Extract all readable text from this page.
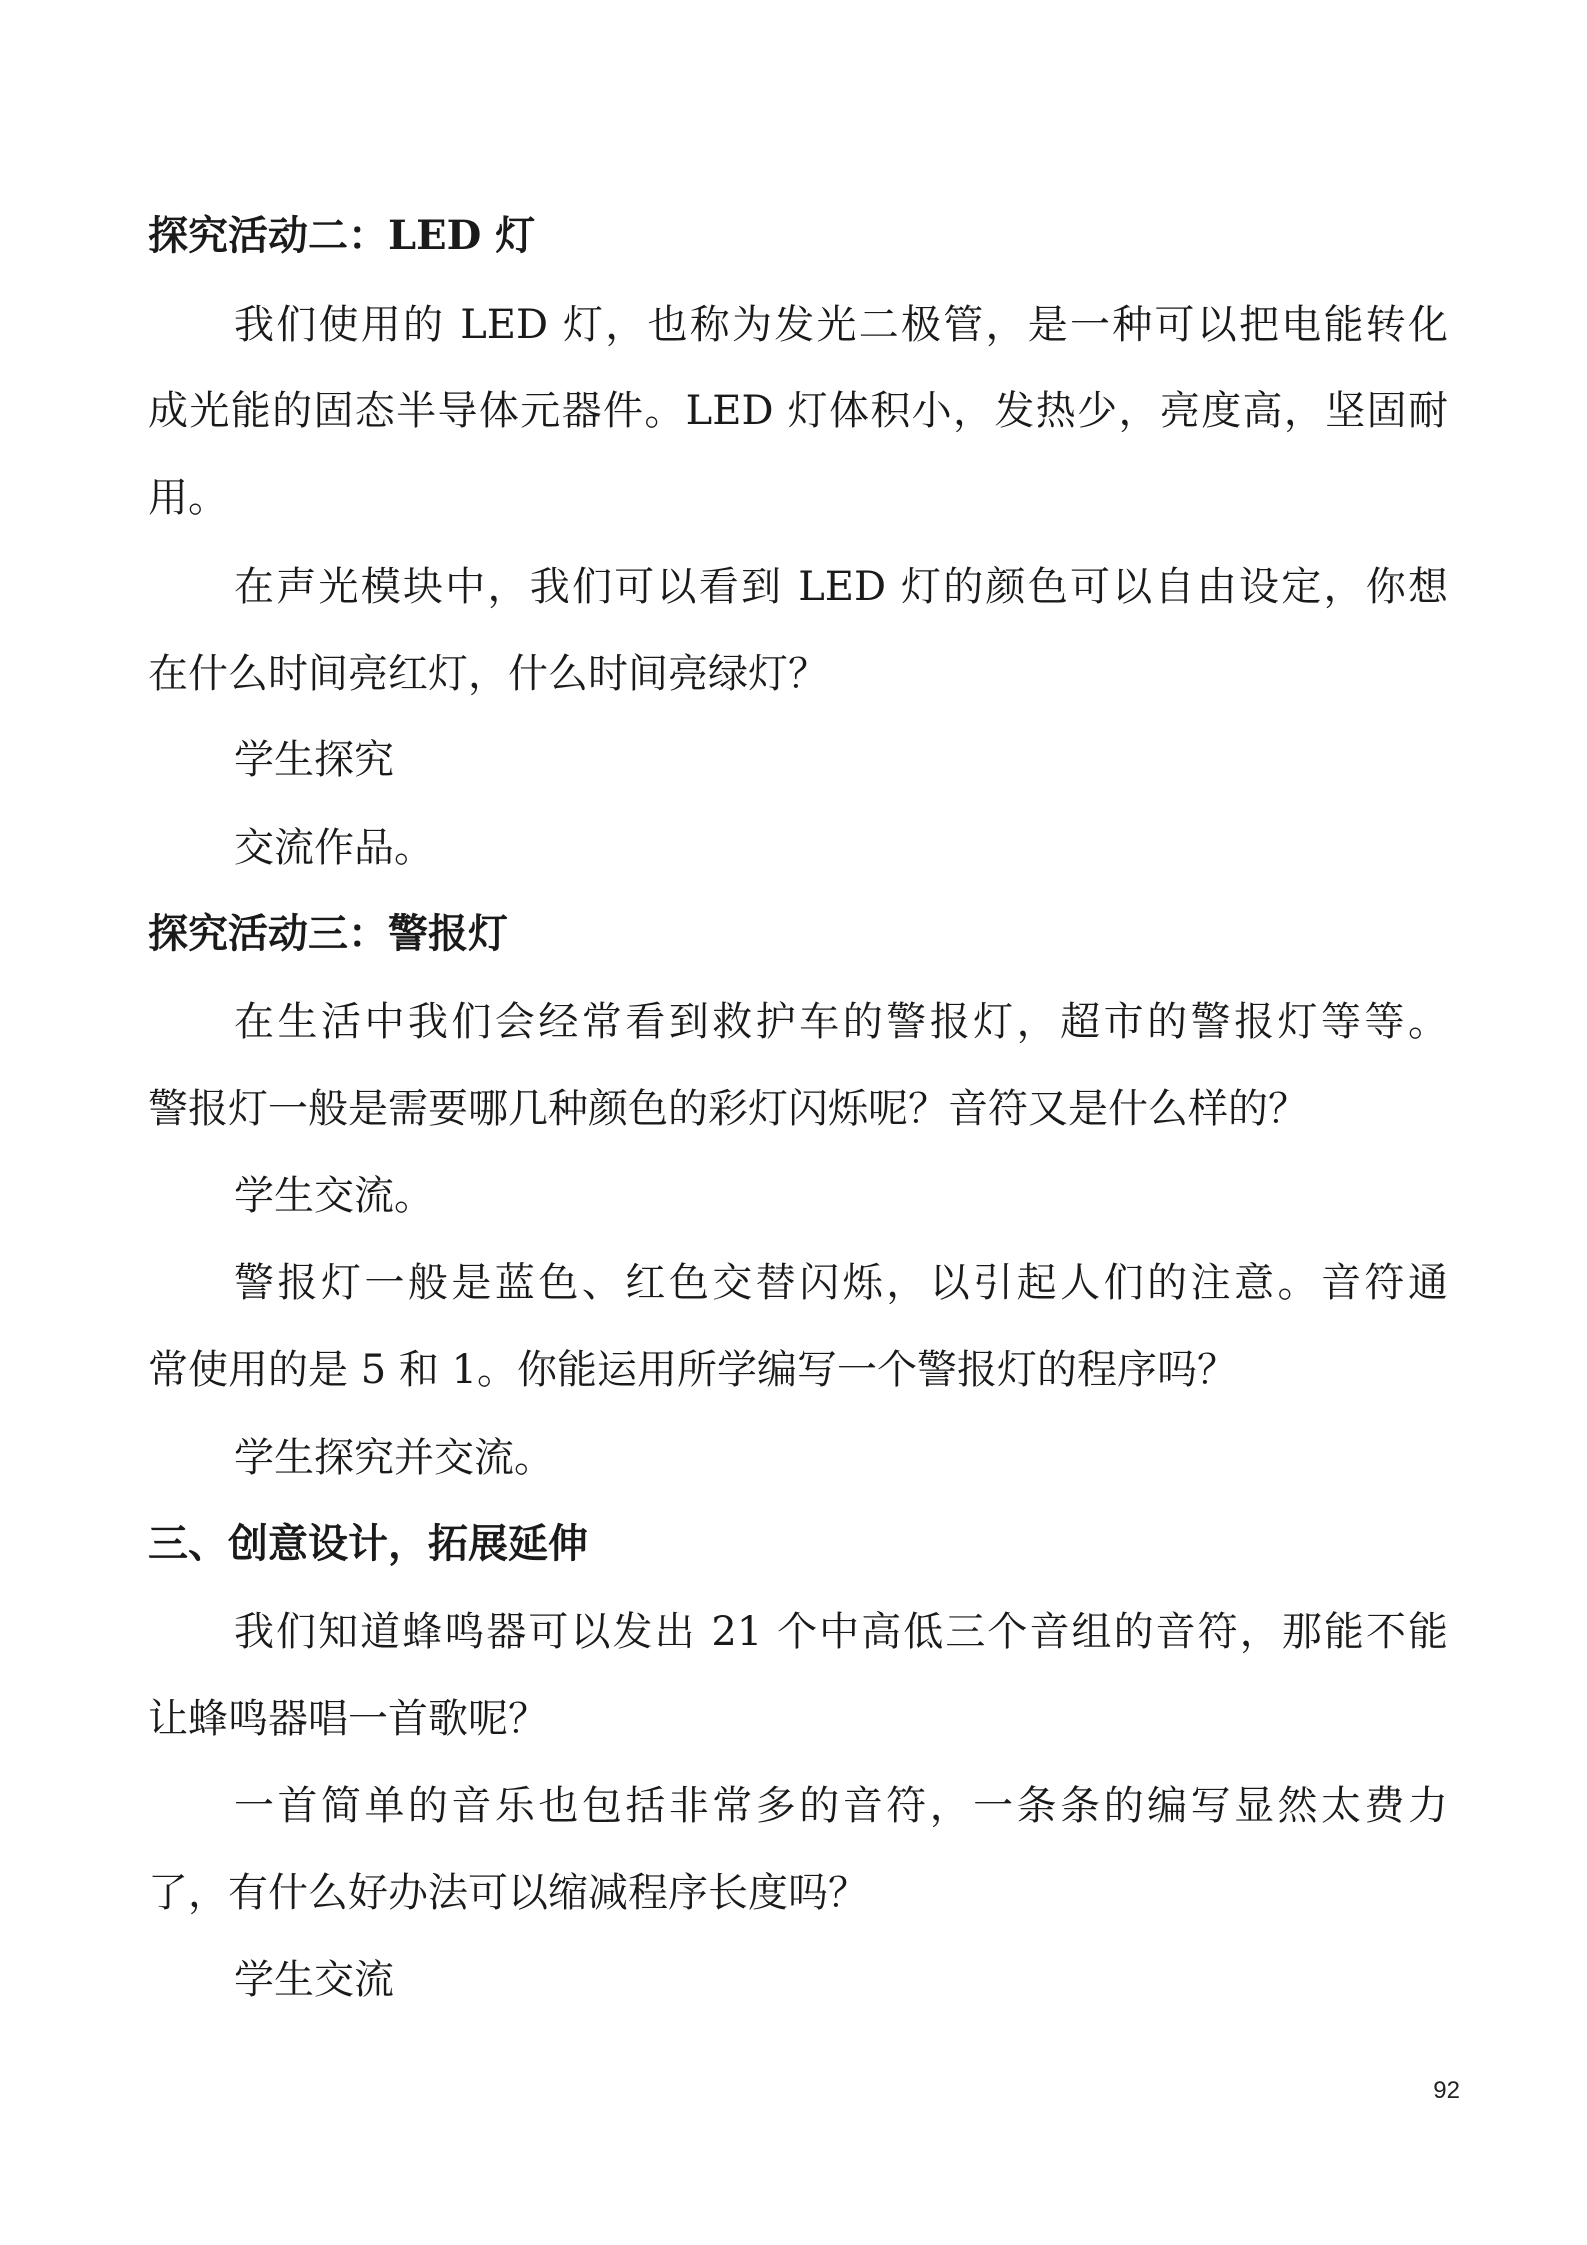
探究活动二：LED 灯
我们使用的 LED 灯，也称为发光二极管，是一种可以把电能转化
成光能的固态半导体元器件。LED 灯体积小，发热少，亮度高，坚固耐
用。
在声光模块中，我们可以看到 LED 灯的颜色可以自由设定，你想
在什么时间亮红灯，什么时间亮绿灯？
学生探究
交流作品。
探究活动三：警报灯
在生活中我们会经常看到救护车的警报灯，超市的警报灯等等。
警报灯一般是需要哪几种颜色的彩灯闪烁呢？音符又是什么样的？
学生交流。
警报灯一般是蓝色、红色交替闪烁，以引起人们的注意。音符通
常使用的是 5 和 1。你能运用所学编写一个警报灯的程序吗？
学生探究并交流。
三、创意设计，拓展延伸
我们知道蜂鸣器可以发出 21 个中高低三个音组的音符，那能不能
让蜂鸣器唱一首歌呢？
一首简单的音乐也包括非常多的音符，一条条的编写显然太费力
了，有什么好办法可以缩减程序长度吗？
学生交流
92
